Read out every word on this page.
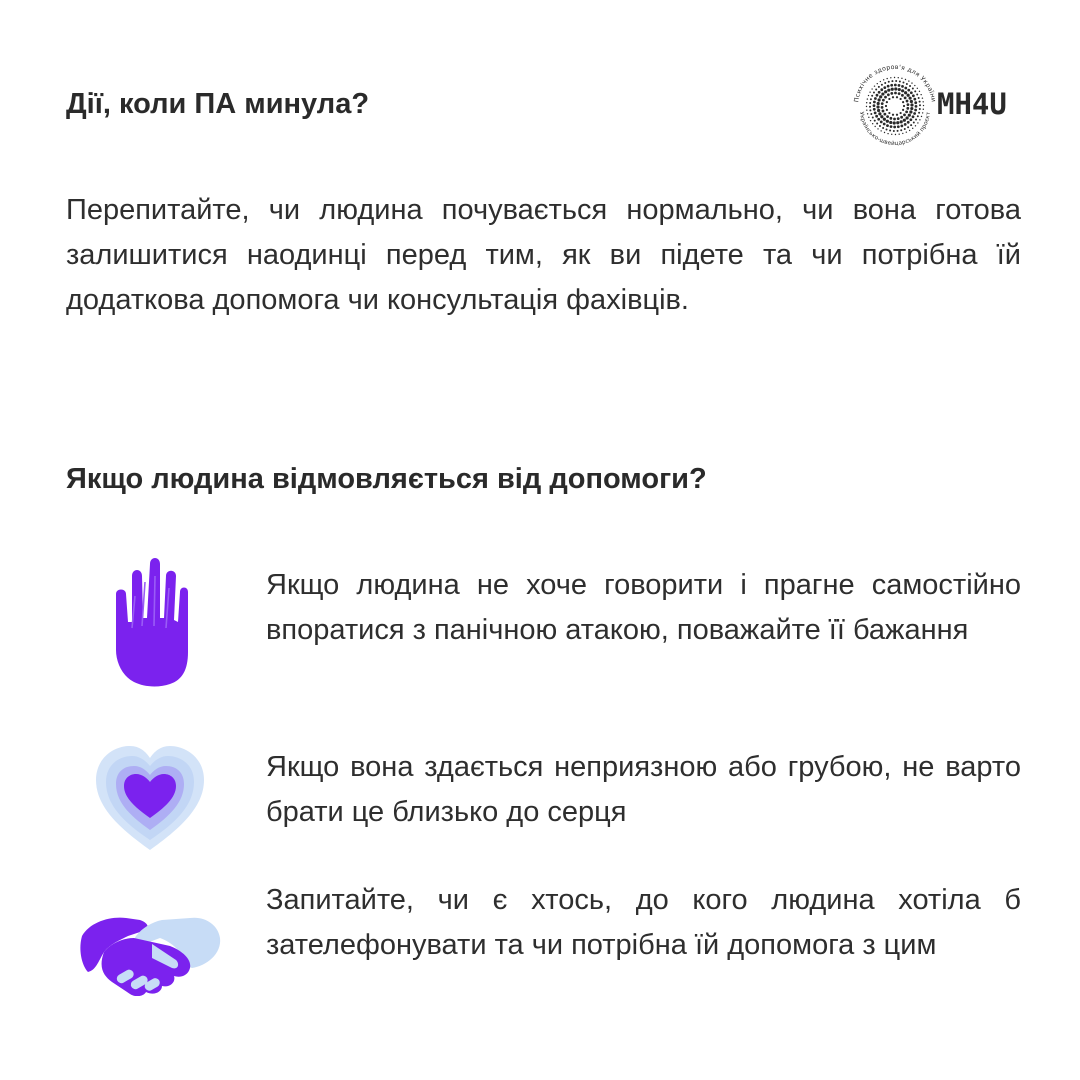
Дії, коли ПА минула?	Психічне здоров'я для України
Українсько-швейцарський проєкт MH4U

Перепитайте, чи людина почувається нормально, чи вона готова залишитися наодинці перед тим, як ви підете та чи потрібна їй додаткова допомога чи консультація фахівців.

Якщо людина відмовляється від допомоги?

Якщо людина не хоче говорити і прагне самостійно впоратися з панічною атакою, поважайте її бажання

Якщо вона здається неприязною або грубою, не варто брати це близько до серця

Запитайте, чи є хтось, до кого людина хотіла б зателефонувати та чи потрібна їй допомога з цим
